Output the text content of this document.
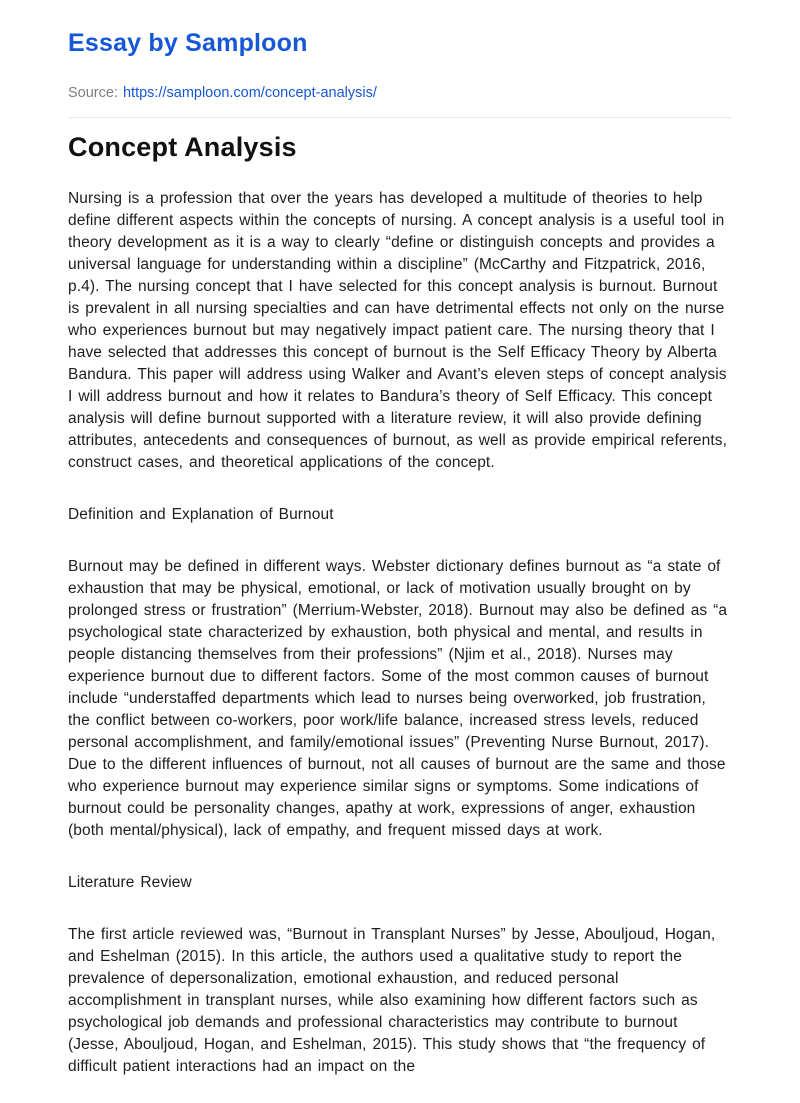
Essay by Samploon
Source: https://samploon.com/concept-analysis/
Concept Analysis

Nursing is a profession that over the years has developed a multitude of theories to help define different aspects within the concepts of nursing. A concept analysis is a useful tool in theory development as it is a way to clearly “define or distinguish concepts and provides a universal language for understanding within a discipline” (McCarthy and Fitzpatrick, 2016, p.4). The nursing concept that I have selected for this concept analysis is burnout. Burnout is prevalent in all nursing specialties and can have detrimental effects not only on the nurse who experiences burnout but may negatively impact patient care. The nursing theory that I have selected that addresses this concept of burnout is the Self Efficacy Theory by Alberta Bandura. This paper will address using Walker and Avant’s eleven steps of concept analysis I will address burnout and how it relates to Bandura’s theory of Self Efficacy. This concept analysis will define burnout supported with a literature review, it will also provide defining attributes, antecedents and consequences of burnout, as well as provide empirical referents, construct cases, and theoretical applications of the concept.

Definition and Explanation of Burnout

Burnout may be defined in different ways. Webster dictionary defines burnout as “a state of exhaustion that may be physical, emotional, or lack of motivation usually brought on by prolonged stress or frustration” (Merrium-Webster, 2018). Burnout may also be defined as “a psychological state characterized by exhaustion, both physical and mental, and results in people distancing themselves from their professions” (Njim et al., 2018). Nurses may experience burnout due to different factors. Some of the most common causes of burnout include “understaffed departments which lead to nurses being overworked, job frustration, the conflict between co-workers, poor work/life balance, increased stress levels, reduced personal accomplishment, and family/emotional issues” (Preventing Nurse Burnout, 2017). Due to the different influences of burnout, not all causes of burnout are the same and those who experience burnout may experience similar signs or symptoms. Some indications of burnout could be personality changes, apathy at work, expressions of anger, exhaustion (both mental/physical), lack of empathy, and frequent missed days at work.

Literature Review

The first article reviewed was, “Burnout in Transplant Nurses” by Jesse, Abouljoud, Hogan, and Eshelman (2015). In this article, the authors used a qualitative study to report the prevalence of depersonalization, emotional exhaustion, and reduced personal accomplishment in transplant nurses, while also examining how different factors such as psychological job demands and professional characteristics may contribute to burnout (Jesse, Abouljoud, Hogan, and Eshelman, 2015). This study shows that “the frequency of difficult patient interactions had an impact on the
